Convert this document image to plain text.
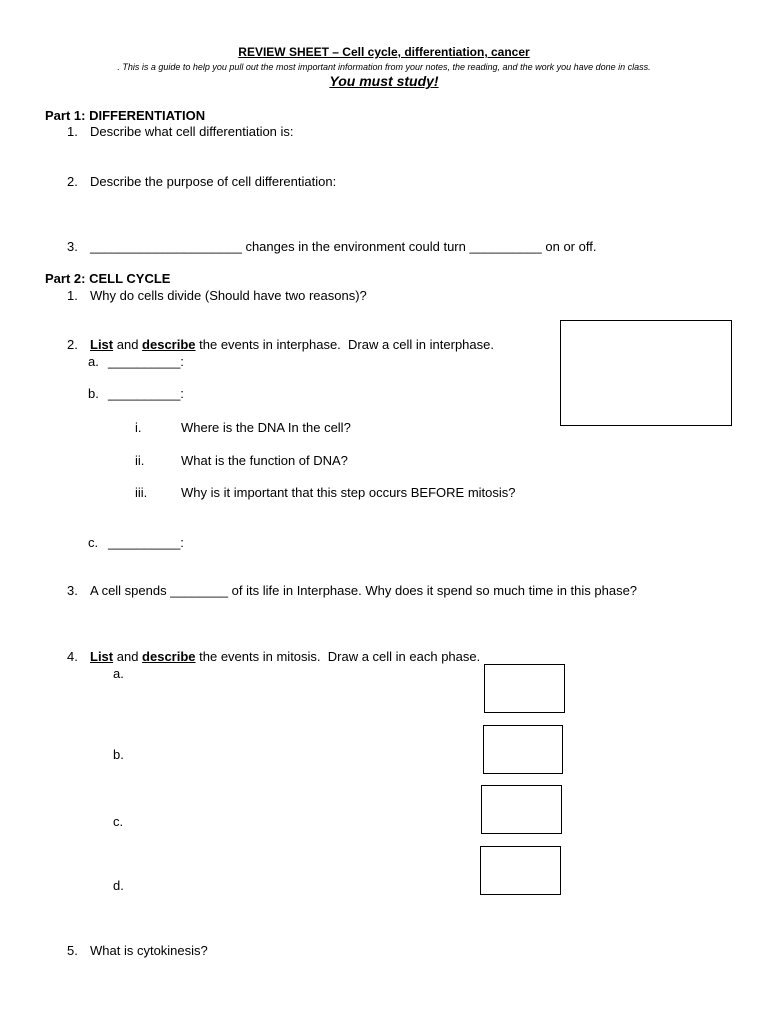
REVIEW SHEET – Cell cycle, differentiation, cancer
. This is a guide to help you pull out the most important information from your notes, the reading, and the work you have done in class.
You must study!
Part 1: DIFFERENTIATION
1. Describe what cell differentiation is:
2. Describe the purpose of cell differentiation:
3. _____________________ changes in the environment could turn __________ on or off.
Part 2: CELL CYCLE
1. Why do cells divide (Should have two reasons)?
2. List and describe the events in interphase.  Draw a cell in interphase.
a. __________:
b. __________:
i.	Where is the DNA In the cell?
ii.	What is the function of DNA?
iii.	Why is it important that this step occurs BEFORE mitosis?
c. __________:
3. A cell spends ________ of its life in Interphase. Why does it spend so much time in this phase?
4. List and describe the events in mitosis.  Draw a cell in each phase.
a.
b.
c.
d.
5. What is cytokinesis?
